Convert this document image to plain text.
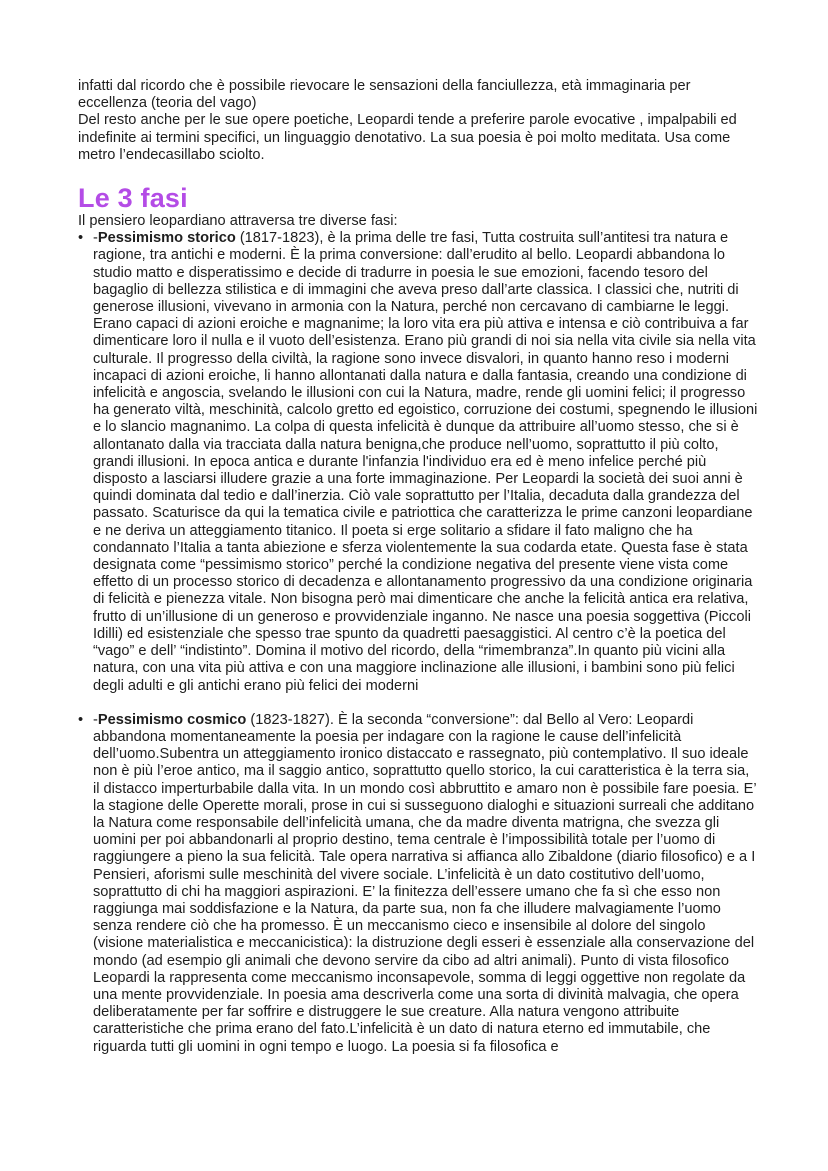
infatti dal ricordo che è possibile rievocare le sensazioni della fanciullezza, età immaginaria per eccellenza (teoria del vago)

Del resto anche per le sue opere poetiche, Leopardi tende a preferire parole evocative , impalpabili ed indefinite ai termini specifici, un linguaggio denotativo. La sua poesia è poi molto meditata. Usa come metro l’endecasillabo sciolto.

Le 3 fasi

Il pensiero leopardiano attraversa tre diverse fasi:

• -Pessimismo storico (1817-1823), è la prima delle tre fasi, Tutta costruita sull’antitesi tra natura e ragione, tra antichi e moderni. È la prima conversione: dall’erudito al bello. Leopardi abbandona lo studio matto e disperatissimo e decide di tradurre in poesia le sue emozioni, facendo tesoro del bagaglio di bellezza stilistica e di immagini che aveva preso dall’arte classica. I classici che, nutriti di generose illusioni, vivevano in armonia con la Natura, perché non cercavano di cambiarne le leggi. Erano capaci di azioni eroiche e magnanime; la loro vita era più attiva e intensa e ciò contribuiva a far dimenticare loro il nulla e il vuoto dell’esistenza. Erano più grandi di noi sia nella vita civile sia nella vita culturale. Il progresso della civiltà, la ragione sono invece disvalori, in quanto hanno reso i moderni incapaci di azioni eroiche, li hanno allontanati dalla natura e dalla fantasia, creando una condizione di infelicità e angoscia, svelando le illusioni con cui la Natura, madre, rende gli uomini felici; il progresso ha generato viltà, meschinità, calcolo gretto ed egoistico, corruzione dei costumi, spegnendo le illusioni e lo slancio magnanimo. La colpa di questa infelicità è dunque da attribuire all’uomo stesso, che si è allontanato dalla via tracciata dalla natura benigna,che produce nell’uomo, soprattutto il più colto, grandi illusioni. In epoca antica e durante l'infanzia l'individuo era ed è meno infelice perché più disposto a lasciarsi illudere grazie a una forte immaginazione. Per Leopardi la società dei suoi anni è quindi dominata dal tedio e dall’inerzia. Ciò vale soprattutto per l’Italia, decaduta dalla grandezza del passato. Scaturisce da qui la tematica civile e patriottica che caratterizza le prime canzoni leopardiane e ne deriva un atteggiamento titanico. Il poeta si erge solitario a sfidare il fato maligno che ha condannato l’Italia a tanta abiezione e sferza violentemente la sua codarda etate. Questa fase è stata designata come “pessimismo storico” perché la condizione negativa del presente viene vista come effetto di un processo storico di decadenza e allontanamento progressivo da una condizione originaria di felicità e pienezza vitale. Non bisogna però mai dimenticare che anche la felicità antica era relativa, frutto di un’illusione di un generoso e provvidenziale inganno. Ne nasce una poesia soggettiva (Piccoli Idilli) ed esistenziale che spesso trae spunto da quadretti paesaggistici. Al centro c’è la poetica del “vago” e dell’ “indistinto”. Domina il motivo del ricordo, della “rimembranza”.In quanto più vicini alla natura, con una vita più attiva e con una maggiore inclinazione alle illusioni, i bambini sono più felici degli adulti e gli antichi erano più felici dei moderni
• -Pessimismo cosmico (1823-1827). È la seconda “conversione”: dal Bello al Vero: Leopardi abbandona momentaneamente la poesia per indagare con la ragione le cause dell’infelicità dell’uomo.Subentra un atteggiamento ironico distaccato e rassegnato, più contemplativo. Il suo ideale non è più l’eroe antico, ma il saggio antico, soprattutto quello storico, la cui caratteristica è la terra sia, il distacco imperturbabile dalla vita. In un mondo così abbruttito e amaro non è possibile fare poesia. E’ la stagione delle Operette morali, prose in cui si susseguono dialoghi e situazioni surreali che additano la Natura come responsabile dell’infelicità umana, che da madre diventa matrigna, che svezza gli uomini per poi abbandonarli al proprio destino, tema centrale è l’impossibilità totale per l’uomo di raggiungere a pieno la sua felicità. Tale opera narrativa si affianca allo Zibaldone (diario filosofico) e a I Pensieri, aforismi sulle meschinità del vivere sociale. L’infelicità è un dato costitutivo dell’uomo, soprattutto di chi ha maggiori aspirazioni. E’ la finitezza dell’essere umano che fa sì che esso non raggiunga mai soddisfazione e la Natura, da parte sua, non fa che illudere malvagiamente l’uomo senza rendere ciò che ha promesso. È un meccanismo cieco e insensibile al dolore del singolo (visione materialistica e meccanicistica): la distruzione degli esseri è essenziale alla conservazione del mondo (ad esempio gli animali che devono servire da cibo ad altri animali). Punto di vista filosofico Leopardi la rappresenta come meccanismo inconsapevole, somma di leggi oggettive non regolate da una mente provvidenziale. In poesia ama descriverla come una sorta di divinità malvagia, che opera deliberatamente per far soffrire e distruggere le sue creature. Alla natura vengono attribuite caratteristiche che prima erano del fato.L’infelicità è un dato di natura eterno ed immutabile, che riguarda tutti gli uomini in ogni tempo e luogo. La poesia si fa filosofica e
